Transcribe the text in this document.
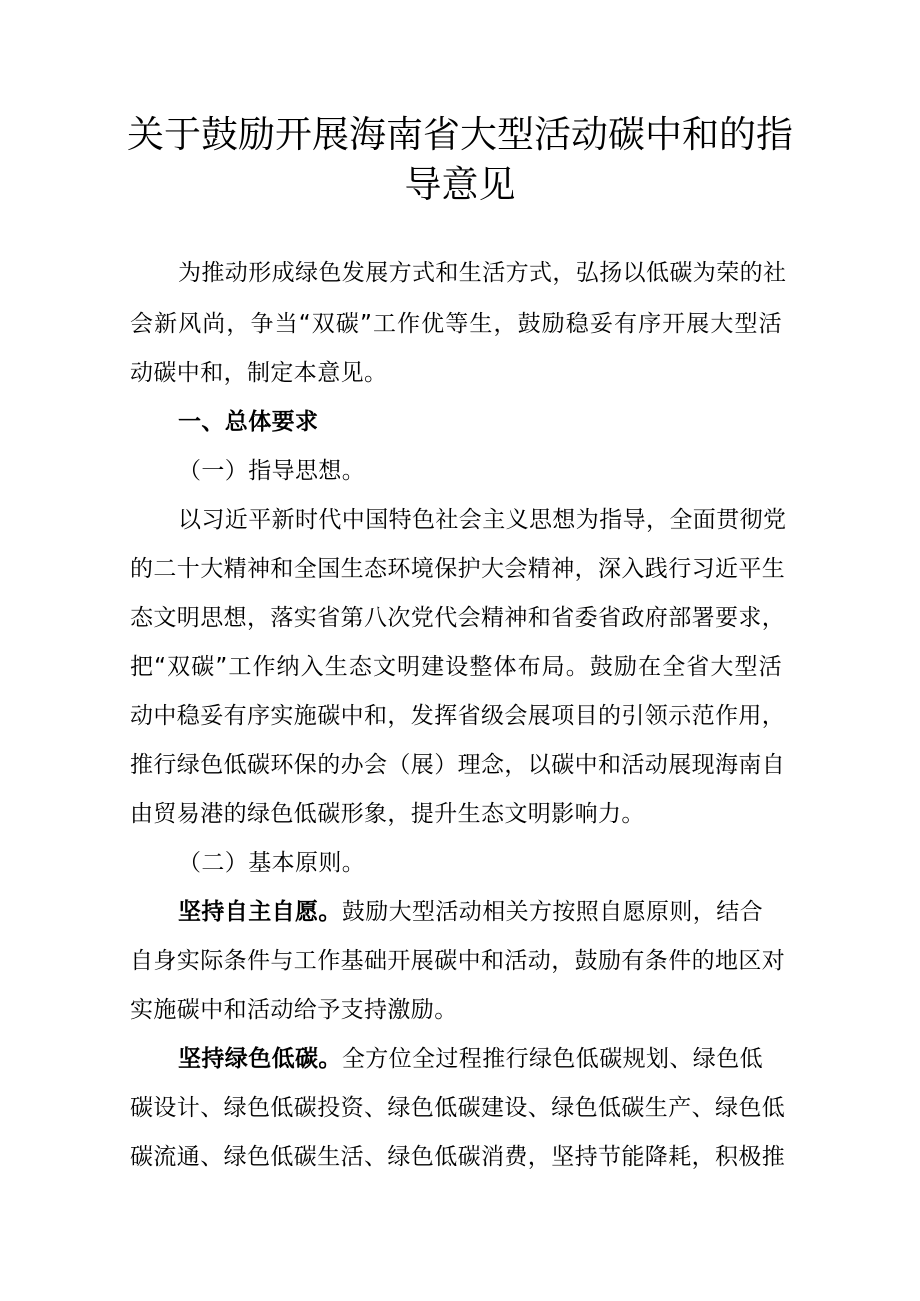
关于鼓励开展海南省大型活动碳中和的指
导意见
为推动形成绿色发展方式和生活方式，弘扬以低碳为荣的社
会新风尚，争当“双碳”工作优等生，鼓励稳妥有序开展大型活
动碳中和，制定本意见。
一、总体要求
（一）指导思想。
以习近平新时代中国特色社会主义思想为指导，全面贯彻党
的二十大精神和全国生态环境保护大会精神，深入践行习近平生
态文明思想，落实省第八次党代会精神和省委省政府部署要求，
把“双碳”工作纳入生态文明建设整体布局。鼓励在全省大型活
动中稳妥有序实施碳中和，发挥省级会展项目的引领示范作用，
推行绿色低碳环保的办会（展）理念，以碳中和活动展现海南自
由贸易港的绿色低碳形象，提升生态文明影响力。
（二）基本原则。
坚持自主自愿。鼓励大型活动相关方按照自愿原则，结合
自身实际条件与工作基础开展碳中和活动，鼓励有条件的地区对
实施碳中和活动给予支持激励。
坚持绿色低碳。全方位全过程推行绿色低碳规划、绿色低
碳设计、绿色低碳投资、绿色低碳建设、绿色低碳生产、绿色低
碳流通、绿色低碳生活、绿色低碳消费，坚持节能降耗，积极推
